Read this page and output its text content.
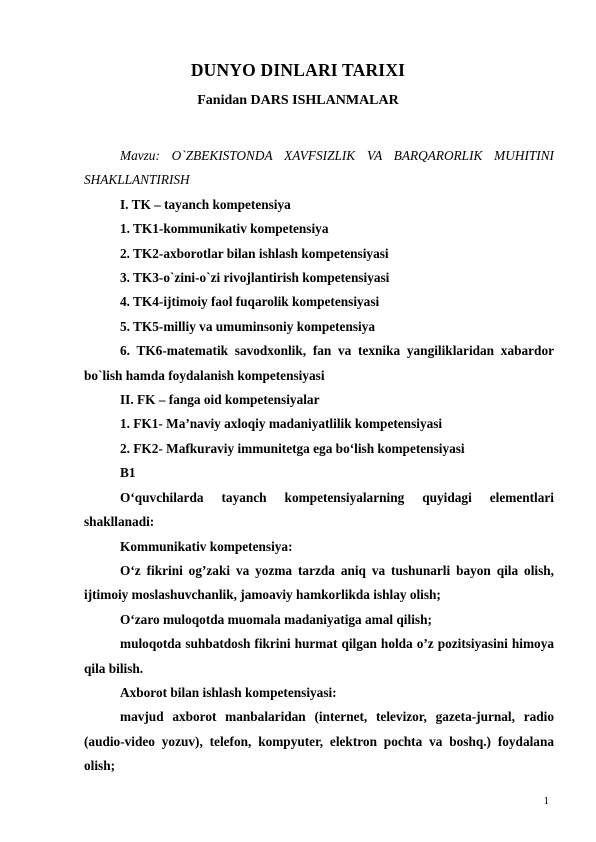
DUNYO DINLARI TARIXI
Fanidan DARS ISHLANMALAR

Mavzu: O`ZBEKISTONDA XAVFSIZLIK VA BARQARORLIK MUHITINI SHAKLLANTIRISH

I. TK – tayanch kompetensiya

1. TK1-kommunikativ kompetensiya

2. TK2-axborotlar bilan ishlash kompetensiyasi

3. TK3-o`zini-o`zi rivojlantirish kompetensiyasi

4. TK4-ijtimoiy faol fuqarolik kompetensiyasi

5. TK5-milliy va umuminsoniy kompetensiya

6. TK6-matematik savodxonlik, fan va texnika yangiliklaridan xabardor bo`lish hamda foydalanish kompetensiyasi

II. FK – fanga oid kompetensiyalar

1. FK1- Ma’naviy axloqiy madaniyatlilik kompetensiyasi

2. FK2- Mafkuraviy immunitetga ega bo‘lish kompetensiyasi

B1

O‘quvchilarda tayanch kompetensiyalarning quyidagi elementlari shakllanadi:

Kommunikativ kompetensiya:

O‘z fikrini og’zaki va yozma tarzda aniq va tushunarli bayon qila olish, ijtimoiy moslashuvchanlik, jamoaviy hamkorlikda ishlay olish;

O‘zaro muloqotda muomala madaniyatiga amal qilish;

muloqotda suhbatdosh fikrini hurmat qilgan holda o’z pozitsiyasini himoya qila bilish.

Axborot bilan ishlash kompetensiyasi:

mavjud axborot manbalaridan (internet, televizor, gazeta-jurnal, radio (audio-video yozuv), telefon, kompyuter, elektron pochta va boshq.) foydalana olish;

1
